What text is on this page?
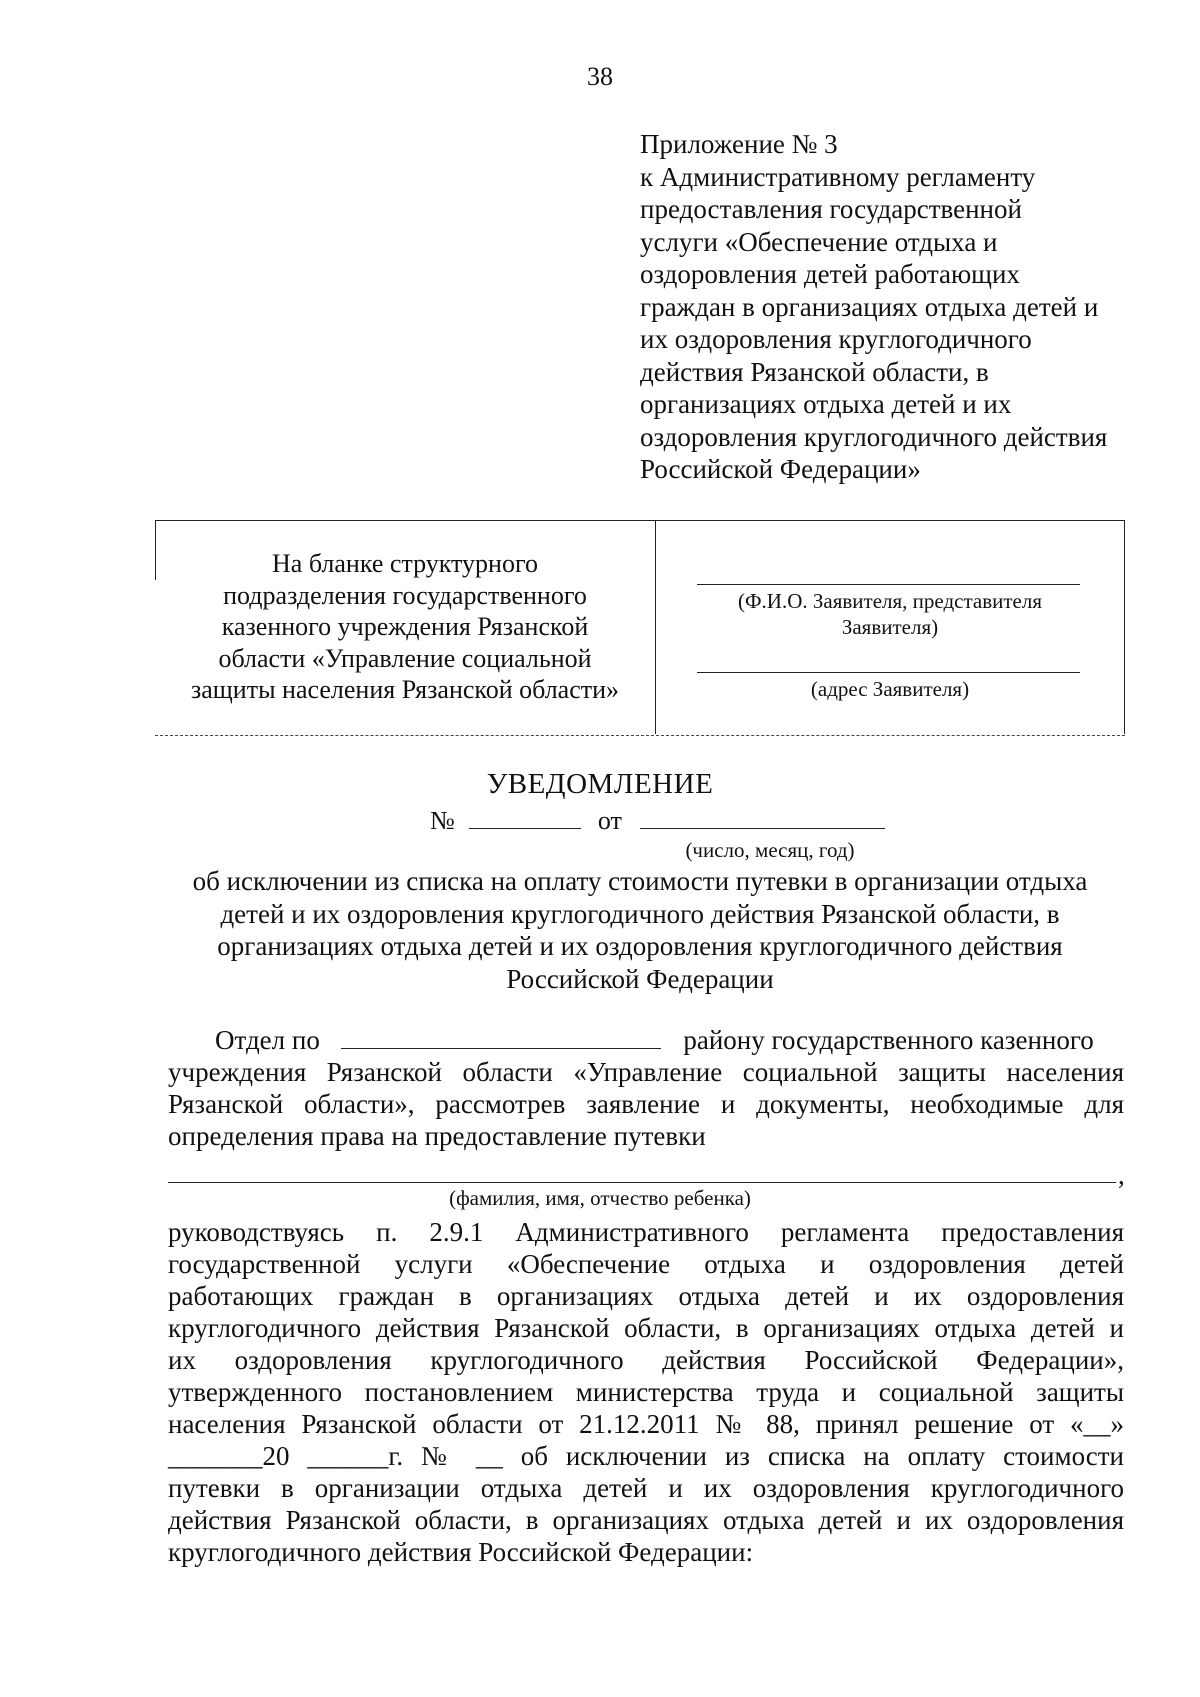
38
Приложение № 3
к Административному регламенту
предоставления государственной
услуги «Обеспечение отдыха и
оздоровления детей работающих
граждан в организациях отдыха детей и
их оздоровления круглогодичного
действия Рязанской области, в
организациях отдыха детей и их
оздоровления круглогодичного действия
Российской Федерации»
На бланке структурного
подразделения государственного
казенного учреждения Рязанской
области «Управление социальной
защиты населения Рязанской области»
(Ф.И.О. Заявителя, представителя
Заявителя)
(адрес Заявителя)
УВЕДОМЛЕНИЕ
№	от
(число, месяц, год)
об исключении из списка на оплату стоимости путевки в организации отдыха
детей и их оздоровления круглогодичного действия Рязанской области, в
организациях отдыха детей и их оздоровления круглогодичного действия
Российской Федерации
Отдел по	району государственного казенного
учреждения Рязанской области «Управление социальной защиты населения
Рязанской области», рассмотрев заявление и документы, необходимые для
определения права на предоставление путевки
,
(фамилия, имя, отчество ребенка)
руководствуясь п. 2.9.1 Административного регламента предоставления
государственной услуги «Обеспечение отдыха и оздоровления детей
работающих граждан в организациях отдыха детей и их оздоровления
круглогодичного действия Рязанской области, в организациях отдыха детей и
их оздоровления круглогодичного действия Российской Федерации»,
утвержденного постановлением министерства труда и социальной защиты
населения Рязанской области от 21.12.2011 № 88, принял решение от «__»
_______20 ______г. № __ об исключении из списка на оплату стоимости
путевки в организации отдыха детей и их оздоровления круглогодичного
действия Рязанской области, в организациях отдыха детей и их оздоровления
круглогодичного действия Российской Федерации:
